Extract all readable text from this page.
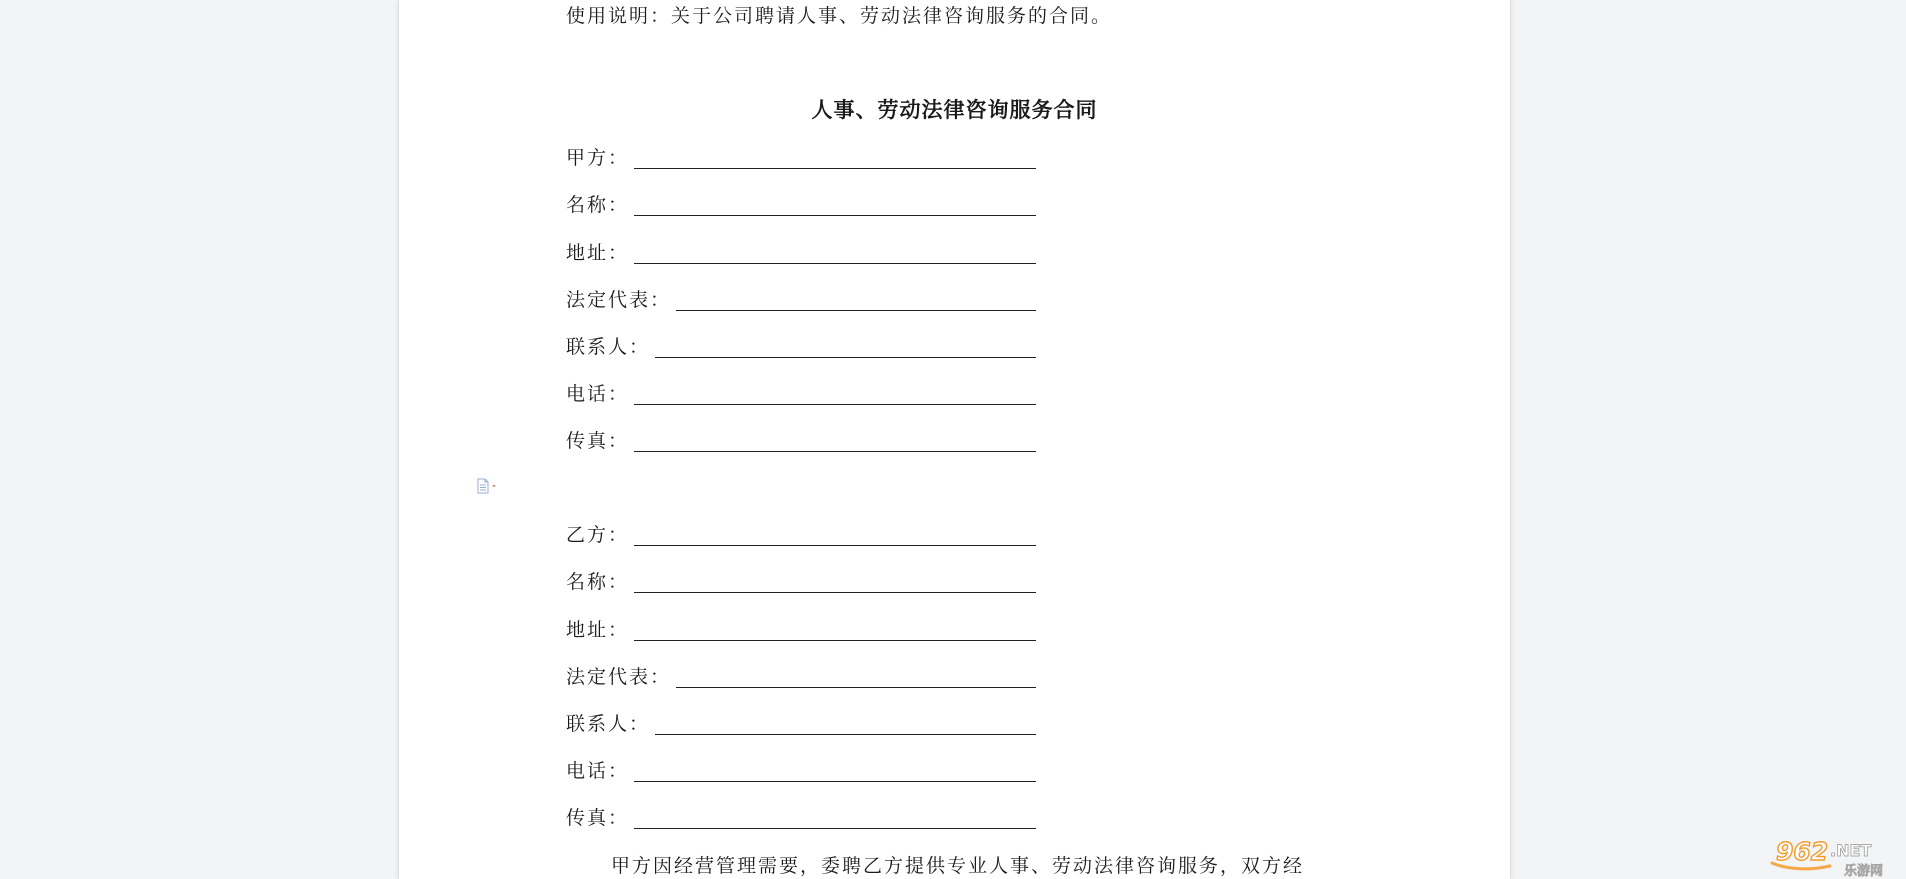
使用说明：关于公司聘请人事、劳动法律咨询服务的合同。
人事、劳动法律咨询服务合同
甲方：
名称：
地址：
法定代表：
联系人：
电话：
传真：
乙方：
名称：
地址：
法定代表：
联系人：
电话：
传真：
甲方因经营管理需要，委聘乙方提供专业人事、劳动法律咨询服务，双方经	962 .NET
乐游网
